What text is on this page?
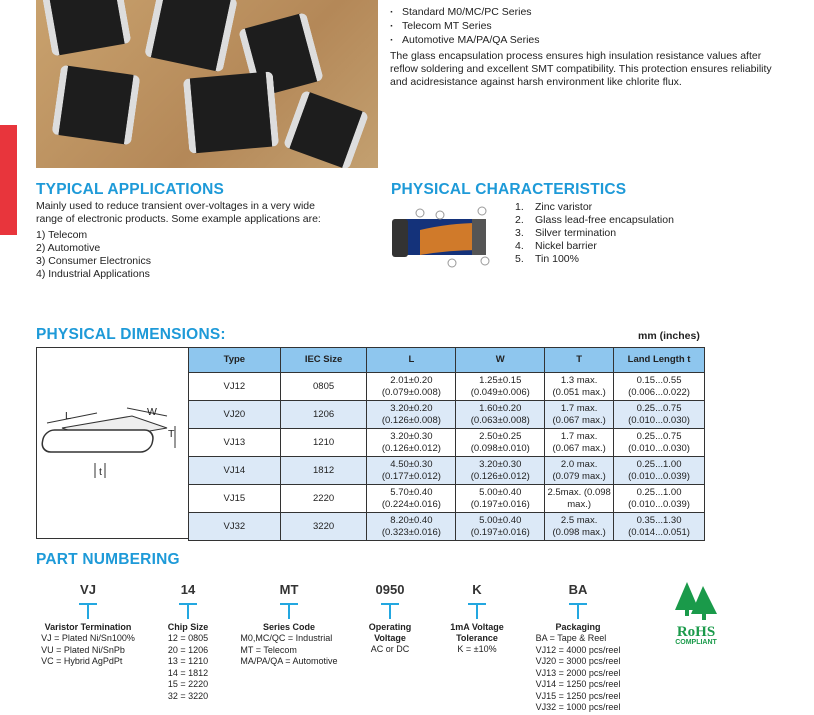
· Standard M0/MC/PC Series
· Telecom MT Series
· Automotive MA/PA/QA Series
The glass encapsulation process ensures high insulation resistance values after reflow soldering and excellent SMT compatibility. This protection ensures reliability and acidresistance against harsh environment like chlorite flux.
TYPICAL APPLICATIONS
Mainly used to reduce transient over-voltages in a very wide range of electronic products. Some example applications are:
1) Telecom
2) Automotive
3) Consumer Electronics
4) Industrial Applications
PHYSICAL CHARACTERISTICS
1. Zinc varistor
2. Glass lead-free encapsulation
3. Silver termination
4. Nickel barrier
5. Tin 100%
PHYSICAL DIMENSIONS:	mm (inches)
L	W
T
t
Type	IEC Size	L	W	T	Land Length t
VJ12	0805	2.01±0.20 (0.079±0.008)	1.25±0.15 (0.049±0.006)	1.3 max. (0.051 max.)	0.15...0.55 (0.006...0.022)
VJ20	1206	3.20±0.20 (0.126±0.008)	1.60±0.20 (0.063±0.008)	1.7 max. (0.067 max.)	0.25...0.75 (0.010...0.030)
VJ13	1210	3.20±0.30 (0.126±0.012)	2.50±0.25 (0.098±0.010)	1.7 max. (0.067 max.)	0.25...0.75 (0.010...0.030)
VJ14	1812	4.50±0.30 (0.177±0.012)	3.20±0.30 (0.126±0.012)	2.0 max. (0.079 max.)	0.25...1.00 (0.010...0.039)
VJ15	2220	5.70±0.40 (0.224±0.016)	5.00±0.40 (0.197±0.016)	2.5max. (0.098 max.)	0.25...1.00 (0.010...0.039)
VJ32	3220	8.20±0.40 (0.323±0.016)	5.00±0.40 (0.197±0.016)	2.5 max. (0.098 max.)	0.35...1.30 (0.014...0.051)
PART NUMBERING
VJ
Varistor Termination
VJ = Plated Ni/Sn100%
VU = Plated Ni/SnPb
VC = Hybrid AgPdPt
14
Chip Size
12 = 0805
20 = 1206
13 = 1210
14 = 1812
15 = 2220
32 = 3220
MT
Series Code
M0,MC/QC = Industrial
MT = Telecom
MA/PA/QA = Automotive
0950
Operating Voltage
AC or DC
K
1mA Voltage Tolerance
K = ±10%
BA
Packaging
BA = Tape & Reel
VJ12 = 4000 pcs/reel
VJ20 = 3000 pcs/reel
VJ13 = 2000 pcs/reel
VJ14 = 1250 pcs/reel
VJ15 = 1250 pcs/reel
VJ32 = 1000 pcs/reel
RoHS
COMPLIANT
